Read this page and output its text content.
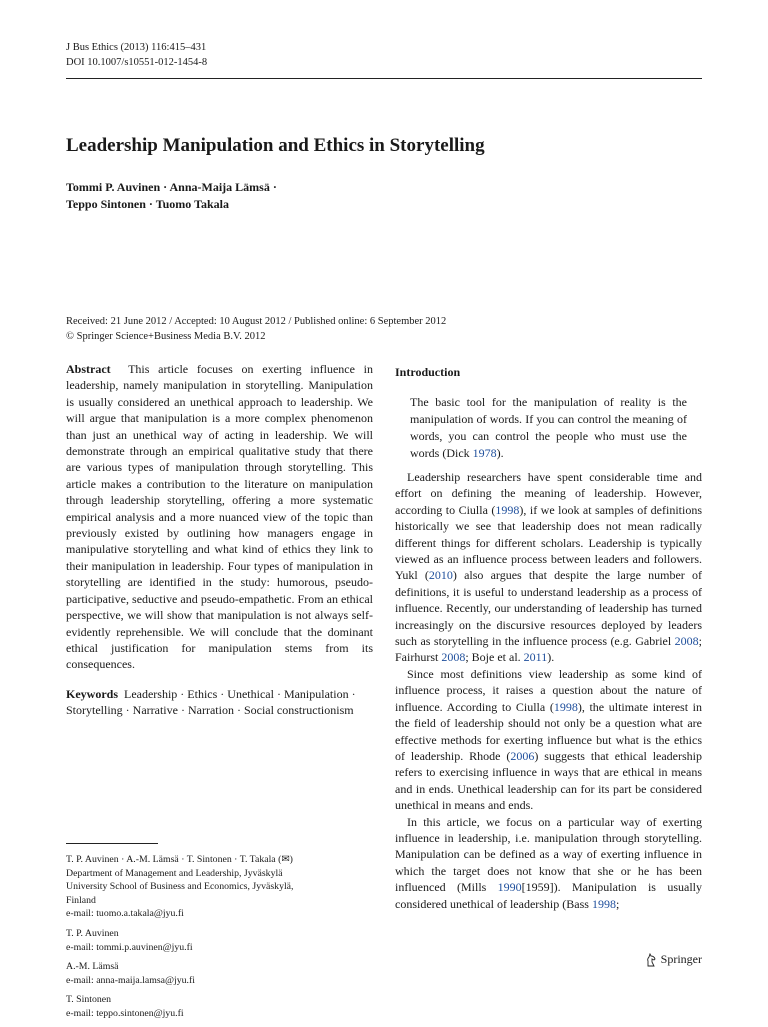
J Bus Ethics (2013) 116:415–431
DOI 10.1007/s10551-012-1454-8
Leadership Manipulation and Ethics in Storytelling
Tommi P. Auvinen · Anna-Maija Lämsä ·
Teppo Sintonen · Tuomo Takala
Received: 21 June 2012 / Accepted: 10 August 2012 / Published online: 6 September 2012
© Springer Science+Business Media B.V. 2012

Abstract This article focuses on exerting influence in leadership, namely manipulation in storytelling. Manipulation is usually considered an unethical approach to leadership. We will argue that manipulation is a more complex phenomenon than just an unethical way of acting in leadership. We will demonstrate through an empirical qualitative study that there are various types of manipulation through storytelling. This article makes a contribution to the literature on manipulation through leadership storytelling, offering a more systematic empirical analysis and a more nuanced view of the topic than previously existed by outlining how managers engage in manipulative storytelling and what kind of ethics they link to their manipulation in leadership. Four types of manipulation in storytelling are identified in the study: humorous, pseudo-participative, seductive and pseudo-empathetic. From an ethical perspective, we will show that manipulation is not always self-evidently reprehensible. We will conclude that the dominant ethical justification for manipulation stems from its consequences.

Keywords Leadership · Ethics · Unethical · Manipulation · Storytelling · Narrative · Narration · Social constructionism
T. P. Auvinen · A.-M. Lämsä · T. Sintonen · T. Takala (✉)
Department of Management and Leadership, Jyväskylä
University School of Business and Economics, Jyväskylä,
Finland
e-mail: tuomo.a.takala@jyu.fi
T. P. Auvinen
e-mail: tommi.p.auvinen@jyu.fi
A.-M. Lämsä
e-mail: anna-maija.lamsa@jyu.fi
T. Sintonen
e-mail: teppo.sintonen@jyu.fi
Introduction
The basic tool for the manipulation of reality is the manipulation of words. If you can control the meaning of words, you can control the people who must use the words (Dick 1978).

Leadership researchers have spent considerable time and effort on defining the meaning of leadership. However, according to Ciulla (1998), if we look at samples of definitions historically we see that leadership does not mean radically different things for different scholars. Leadership is typically viewed as an influence process between leaders and followers. Yukl (2010) also argues that despite the large number of definitions, it is useful to understand leadership as a process of influence. Recently, our understanding of leadership has turned increasingly on the discursive resources deployed by leaders such as storytelling in the influence process (e.g. Gabriel 2008; Fairhurst 2008; Boje et al. 2011).

Since most definitions view leadership as some kind of influence process, it raises a question about the nature of influence. According to Ciulla (1998), the ultimate interest in the field of leadership should not only be a question what are effective methods for exerting influence but what is the ethics of leadership. Rhode (2006) suggests that ethical leadership refers to exercising influence in ways that are ethical in means and in ends. Unethical leadership can for its part be considered unethical in means and ends.

In this article, we focus on a particular way of exerting influence in leadership, i.e. manipulation through storytelling. Manipulation can be defined as a way of exerting influence in which the target does not know that she or he has been influenced (Mills 1990[1959]). Manipulation is usually considered unethical of leadership (Bass 1998;

Springer
